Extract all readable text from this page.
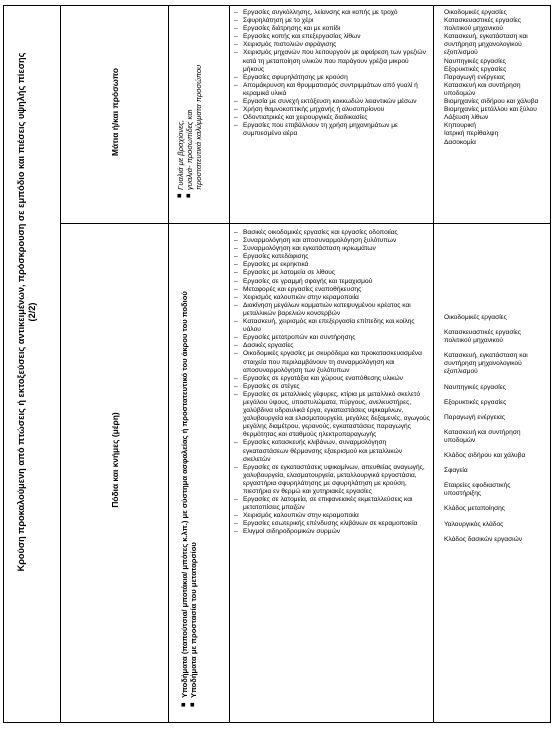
Κρούση προκαλούμενη από πτώσεις ή εκτοξεύσεις αντικειμένων, πρόσκρουση σε εμπόδιο και πιέσεις υψηλής πίεσης (2/2)
Μάτια ή/και πρόσωπο	Γυαλιά με βραχίονες, γυαλιά- προσωπίδες και προστατευτικά καλύμματα προσώπου
■ ■
– Εργασίες συγκόλλησης, λείανσης και κοπής με τροχό
– Σφυρηλάτηση με το χέρι
– Εργασίες διάτρησης και με κοπίδι
– Εργασίες κοπής και επεξεργασίας λίθων
– Χειρισμός πιστολιών σφράγισης
– Χειρισμός μηχανών που λειτουργούν με αφαίρεση των γρεζιών κατά τη μεταποίηση υλικών που παράγουν γρέζια μικρού μήκους
– Εργασίες σφυρηλάτησης με κρούση
– Απομάκρυνση και θρυμματισμός συντριμμάτων από γυαλί ή κεραμικά υλικά
– Εργασία με συνεχή εκτόξευση κοκκωδών λειαντικών μέσων
– Χρήση θαμνοκοπτικής μηχανής ή αλυσοπρίονου
– Οδοντιατρικές και χειρουργικές διαδικασίες
– Εργασίες που επιβάλλουν τη χρήση μηχανημάτων με συμπιεσμένο αέρα
Οικοδομικές εργασίες
Κατασκευαστικές εργασίες πολιτικού μηχανικού
Κατασκευή, εγκατάσταση και συντήρηση μηχανολογικού εξοπλισμού
Ναυπηγικές εργασίες
Εξορυκτικές εργασίες
Παραγωγή ενέργειας
Κατασκευή και συντήρηση υποδομών
Βιομηχανίες σιδήρου και χάλυβα
Βιομηχανίες μετάλλου και ξύλου
Λάξευση λίθων
Κηπουρική
Ιατρική περίθαλψη
Δασοκομία
Πόδια και κνήμες (μέρη)	Υποδήματα (παπούτσια/ μποτάκια/ μπότες κ.λπ.) με σύστημα ασφαλείας ή προστατευτικό του άκρου του ποδιού Υποδήματα με προστασία του μεταταρσίου
■ ■
– Βασικές οικοδομικές εργασίες και εργασίες οδοποιίας
– Συναρμολόγηση και αποσυναρμολόγηση ξυλότυπων
– Συναρμολόγηση και εγκατάσταση ικριωμάτων
– Εργασίες κατεδάφισης
– Εργασίες με εκρηκτικά
– Εργασίες με λατομεία σε λίθους
– Εργασίες σε γραμμή σφαγής και τεμαχισμού
– Μεταφορές και εργασίες εναποθήκευσης
– Χειρισμός καλουπιών στην κεραμοποιία
– Διακίνηση μεγάλων κομματιών κατεψυγμένου κρέατος και μεταλλικών βαρελιών κονσερβών
– Κατασκευή, χειρισμός και επεξεργασία επίπεδης και κοίλης υάλου
– Εργασίες μετατροπών και συντήρησης
– Δασικές εργασίες
– Οικοδομικές εργασίες με σκυρόδεμα και προκατασκευασμένα στοιχεία που περιλαμβάνουν τη συναρμολόγηση και αποσυναρμολόγηση των ξυλότυπων
– Εργασίες σε εργοτάξια και χώρους εναπόθεσης υλικών
– Εργασίες σε στέγες
– Εργασίες σε μεταλλικές γέφυρες, κτίρια με μεταλλικό σκελετό μεγάλου ύψους, υποστυλώματα, πύργους, ανελκυστήρες, χαλύβδινα υδραυλικά έργα, εγκαταστάσεις υψικαμίνων, χαλυβουργεία και ελασματουργεία, μεγάλες δεξαμενές, αγωγούς μεγάλης διαμέτρου, γερανούς, εγκαταστάσεις παραγωγής θερμότητας και σταθμούς ηλεκτροπαραγωγής
– Εργασίες κατασκευής κλιβάνων, συναρμολόγηση εγκαταστάσεων θέρμανσης εξαερισμού και μεταλλικών σκελετών
– Εργασίες σε εγκαταστάσεις υψικαμίνων, απευθείας αναγωγής, χαλυβουργεία, ελασματουργεία, μεταλλουργικά εργοστάσια, εργαστήρια σφυρηλάτησης με σφυρηλάτηση με κρούση, πιεστήρια εν θερμώ και χυτηριακές εργασίες
– Εργασίες σε λατομεία, σε επιφανειακές εκμεταλλεύσεις και μετατοπίσεις μπαζών
– Χειρισμός καλουπιών στην κεραμοποιία
– Εργασίες εσωτερικής επένδυσης κλιβάνων σε κεραμοποιεία
– Ελιγμοί σιδηροδρομικών συρμών
Οικοδομικές εργασίες
Κατασκευαστικές εργασίες πολιτικού μηχανικού
Κατασκευή, εγκατάσταση και συντήρηση μηχανολογικού εξοπλισμού
Ναυπηγικές εργασίες
Εξορυκτικές εργασίες
Παραγωγή ενέργειας
Κατασκευή και συντήρηση υποδομών
Κλάδος σιδήρου και χάλυβα
Σφαγεία
Εταιρείες εφοδιαστικής υποστήριξης
Κλάδος μεταποίησης
Υαλουργικός κλάδος
Κλάδος δασικών εργασιών
